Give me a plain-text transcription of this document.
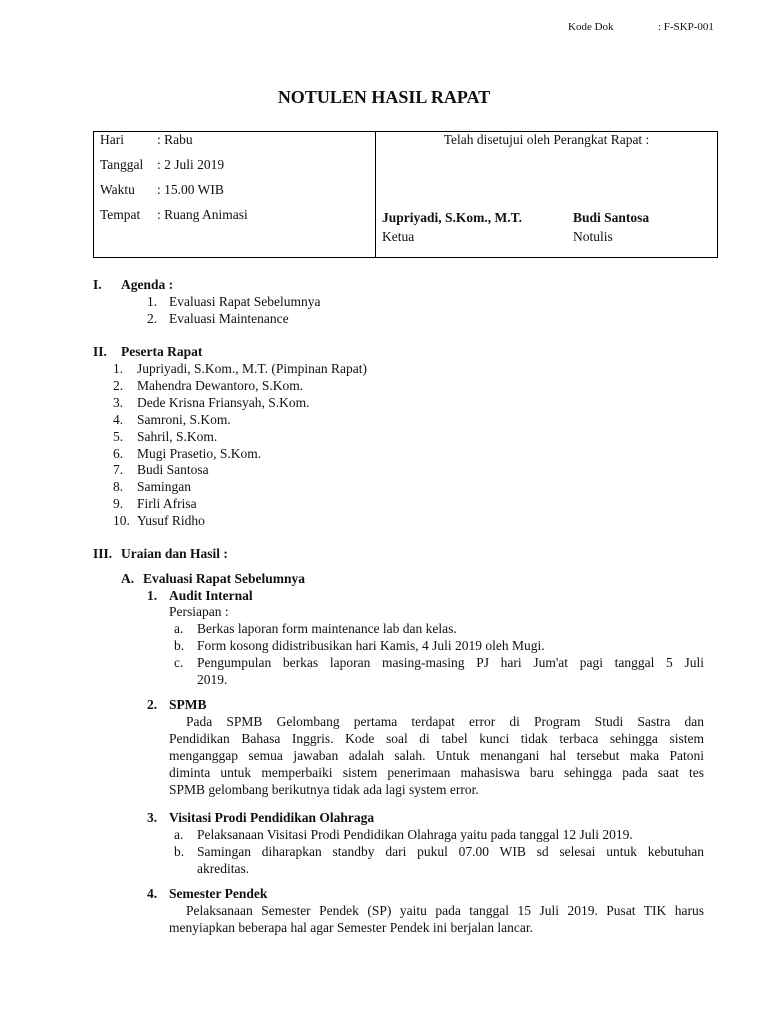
Kode Dok	: F-SKP-001
NOTULEN HASIL RAPAT
Hari : Rabu
Tanggal : 2 Juli 2019
Waktu : 15.00 WIB
Tempat : Ruang Animasi
Telah disetujui oleh Perangkat Rapat :
Jupriyadi, S.Kom., M.T.
Ketua
Budi Santosa
Notulis
I. Agenda :
1. Evaluasi Rapat Sebelumnya
2. Evaluasi Maintenance
II. Peserta Rapat
1. Jupriyadi, S.Kom., M.T. (Pimpinan Rapat)
2. Mahendra Dewantoro, S.Kom.
3. Dede Krisna Friansyah, S.Kom.
4. Samroni, S.Kom.
5. Sahril, S.Kom.
6. Mugi Prasetio, S.Kom.
7. Budi Santosa
8. Samingan
9. Firli Afrisa
10. Yusuf Ridho
III. Uraian dan Hasil :
A. Evaluasi Rapat Sebelumnya
1. Audit Internal
Persiapan :
a. Berkas laporan form maintenance lab dan kelas.
b. Form kosong didistribusikan hari Kamis, 4 Juli 2019 oleh Mugi.
c. Pengumpulan berkas laporan masing-masing PJ hari Jum'at pagi tanggal 5 Juli
2019.
2. SPMB
Pada SPMB Gelombang pertama terdapat error di Program Studi Sastra dan
Pendidikan Bahasa Inggris. Kode soal di tabel kunci tidak terbaca sehingga sistem
menganggap semua jawaban adalah salah. Untuk menangani hal tersebut maka Patoni
diminta untuk memperbaiki sistem penerimaan mahasiswa baru sehingga pada saat tes
SPMB gelombang berikutnya tidak ada lagi system error.
3. Visitasi Prodi Pendidikan Olahraga
a. Pelaksanaan Visitasi Prodi Pendidikan Olahraga yaitu pada tanggal 12 Juli 2019.
b. Samingan diharapkan standby dari pukul 07.00 WIB sd selesai untuk kebutuhan
akreditas.
4. Semester Pendek
Pelaksanaan Semester Pendek (SP) yaitu pada tanggal 15 Juli 2019. Pusat TIK harus
menyiapkan beberapa hal agar Semester Pendek ini berjalan lancar.
